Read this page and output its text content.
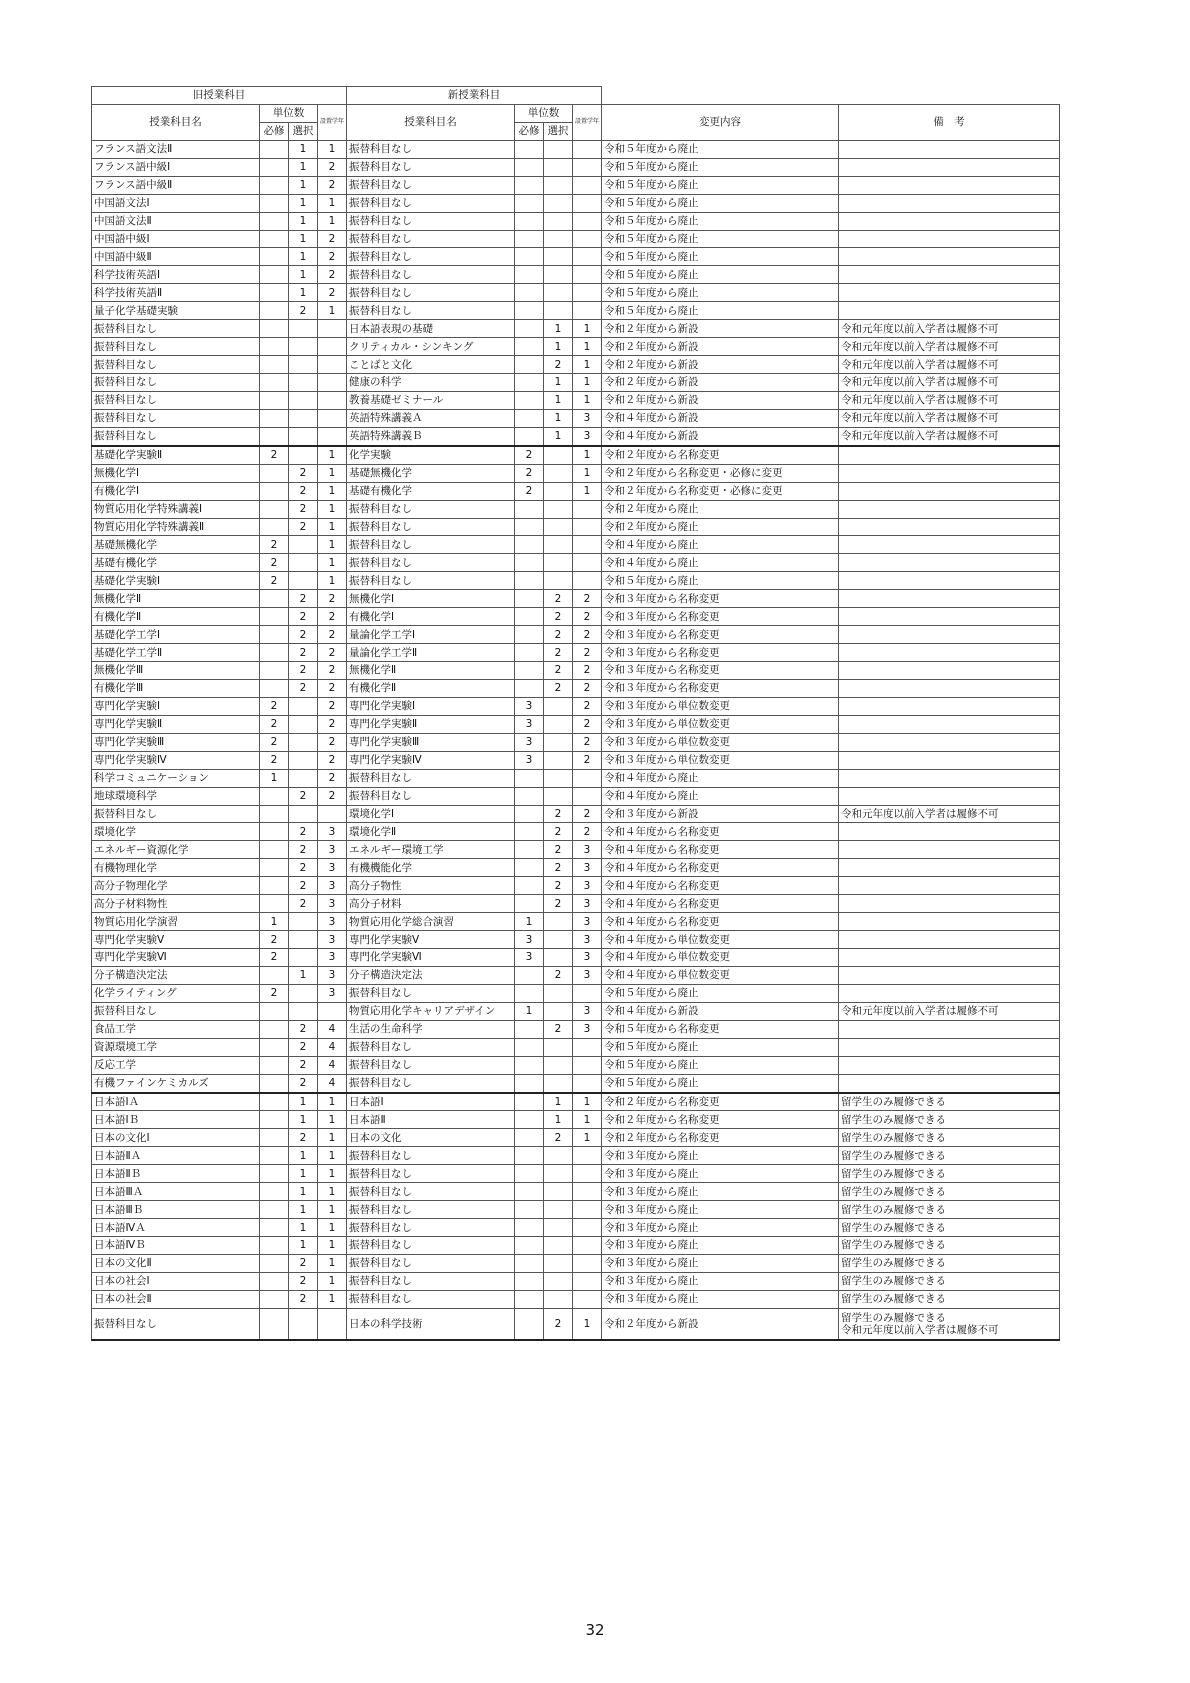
旧授業科目				新授業科目					
授業科目名	単位数		設置学年	授業科目名	単位数		設置学年	変更内容	備　考
	必修	選択			必修	選択			
フランス語文法Ⅱ		1	1	振替科目なし				令和５年度から廃止	
フランス語中級Ⅰ		1	2	振替科目なし				令和５年度から廃止	
フランス語中級Ⅱ		1	2	振替科目なし				令和５年度から廃止	
中国語文法Ⅰ		1	1	振替科目なし				令和５年度から廃止	
中国語文法Ⅱ		1	1	振替科目なし				令和５年度から廃止	
中国語中級Ⅰ		1	2	振替科目なし				令和５年度から廃止	
中国語中級Ⅱ		1	2	振替科目なし				令和５年度から廃止	
科学技術英語Ⅰ		1	2	振替科目なし				令和５年度から廃止	
科学技術英語Ⅱ		1	2	振替科目なし				令和５年度から廃止	
量子化学基礎実験		2	1	振替科目なし				令和５年度から廃止	
振替科目なし				日本語表現の基礎		1	1	令和２年度から新設	令和元年度以前入学者は履修不可
振替科目なし				クリティカル・シンキング		1	1	令和２年度から新設	令和元年度以前入学者は履修不可
振替科目なし				ことばと文化		2	1	令和２年度から新設	令和元年度以前入学者は履修不可
振替科目なし				健康の科学		1	1	令和２年度から新設	令和元年度以前入学者は履修不可
振替科目なし				教養基礎ゼミナール		1	1	令和２年度から新設	令和元年度以前入学者は履修不可
振替科目なし				英語特殊講義Ａ		1	3	令和４年度から新設	令和元年度以前入学者は履修不可
振替科目なし				英語特殊講義Ｂ		1	3	令和４年度から新設	令和元年度以前入学者は履修不可
基礎化学実験Ⅱ	2		1	化学実験	2		1	令和２年度から名称変更	
無機化学Ⅰ		2	1	基礎無機化学	2		1	令和２年度から名称変更・必修に変更	
有機化学Ⅰ		2	1	基礎有機化学	2		1	令和２年度から名称変更・必修に変更	
物質応用化学特殊講義Ⅰ		2	1	振替科目なし				令和２年度から廃止	
物質応用化学特殊講義Ⅱ		2	1	振替科目なし				令和２年度から廃止	
基礎無機化学	2		1	振替科目なし				令和４年度から廃止	
基礎有機化学	2		1	振替科目なし				令和４年度から廃止	
基礎化学実験Ⅰ	2		1	振替科目なし				令和５年度から廃止	
無機化学Ⅱ		2	2	無機化学Ⅰ		2	2	令和３年度から名称変更	
有機化学Ⅱ		2	2	有機化学Ⅰ		2	2	令和３年度から名称変更	
基礎化学工学Ⅰ		2	2	量論化学工学Ⅰ		2	2	令和３年度から名称変更	
基礎化学工学Ⅱ		2	2	量論化学工学Ⅱ		2	2	令和３年度から名称変更	
無機化学Ⅲ		2	2	無機化学Ⅱ		2	2	令和３年度から名称変更	
有機化学Ⅲ		2	2	有機化学Ⅱ		2	2	令和３年度から名称変更	
専門化学実験Ⅰ	2		2	専門化学実験Ⅰ	3		2	令和３年度から単位数変更	
専門化学実験Ⅱ	2		2	専門化学実験Ⅱ	3		2	令和３年度から単位数変更	
専門化学実験Ⅲ	2		2	専門化学実験Ⅲ	3		2	令和３年度から単位数変更	
専門化学実験Ⅳ	2		2	専門化学実験Ⅳ	3		2	令和３年度から単位数変更	
科学コミュニケーション	1		2	振替科目なし				令和４年度から廃止	
地球環境科学		2	2	振替科目なし				令和４年度から廃止	
振替科目なし				環境化学Ⅰ		2	2	令和３年度から新設	令和元年度以前入学者は履修不可
環境化学		2	3	環境化学Ⅱ		2	2	令和４年度から名称変更	
エネルギー資源化学		2	3	エネルギー環境工学		2	3	令和４年度から名称変更	
有機物理化学		2	3	有機機能化学		2	3	令和４年度から名称変更	
高分子物理化学		2	3	高分子物性		2	3	令和４年度から名称変更	
高分子材料物性		2	3	高分子材料		2	3	令和４年度から名称変更	
物質応用化学演習	1		3	物質応用化学総合演習	1		3	令和４年度から名称変更	
専門化学実験Ⅴ	2		3	専門化学実験Ⅴ	3		3	令和４年度から単位数変更	
専門化学実験Ⅵ	2		3	専門化学実験Ⅵ	3		3	令和４年度から単位数変更	
分子構造決定法		1	3	分子構造決定法		2	3	令和４年度から単位数変更	
化学ライティング	2		3	振替科目なし				令和５年度から廃止	
振替科目なし				物質応用化学キャリアデザイン	1		3	令和４年度から新設	令和元年度以前入学者は履修不可
食品工学		2	4	生活の生命科学		2	3	令和５年度から名称変更	
資源環境工学		2	4	振替科目なし				令和５年度から廃止	
反応工学		2	4	振替科目なし				令和５年度から廃止	
有機ファインケミカルズ		2	4	振替科目なし				令和５年度から廃止	
日本語ⅠＡ		1	1	日本語Ⅰ		1	1	令和２年度から名称変更	留学生のみ履修できる
日本語ⅠＢ		1	1	日本語Ⅱ		1	1	令和２年度から名称変更	留学生のみ履修できる
日本の文化Ⅰ		2	1	日本の文化		2	1	令和２年度から名称変更	留学生のみ履修できる
日本語ⅡＡ		1	1	振替科目なし				令和３年度から廃止	留学生のみ履修できる
日本語ⅡＢ		1	1	振替科目なし				令和３年度から廃止	留学生のみ履修できる
日本語ⅢＡ		1	1	振替科目なし				令和３年度から廃止	留学生のみ履修できる
日本語ⅢＢ		1	1	振替科目なし				令和３年度から廃止	留学生のみ履修できる
日本語ⅣＡ		1	1	振替科目なし				令和３年度から廃止	留学生のみ履修できる
日本語ⅣＢ		1	1	振替科目なし				令和３年度から廃止	留学生のみ履修できる
日本の文化Ⅱ		2	1	振替科目なし				令和３年度から廃止	留学生のみ履修できる
日本の社会Ⅰ		2	1	振替科目なし				令和３年度から廃止	留学生のみ履修できる
日本の社会Ⅱ		2	1	振替科目なし				令和３年度から廃止	留学生のみ履修できる
振替科目なし				日本の科学技術		2	1	令和２年度から新設	留学生のみ履修できる
令和元年度以前入学者は履修不可
32
